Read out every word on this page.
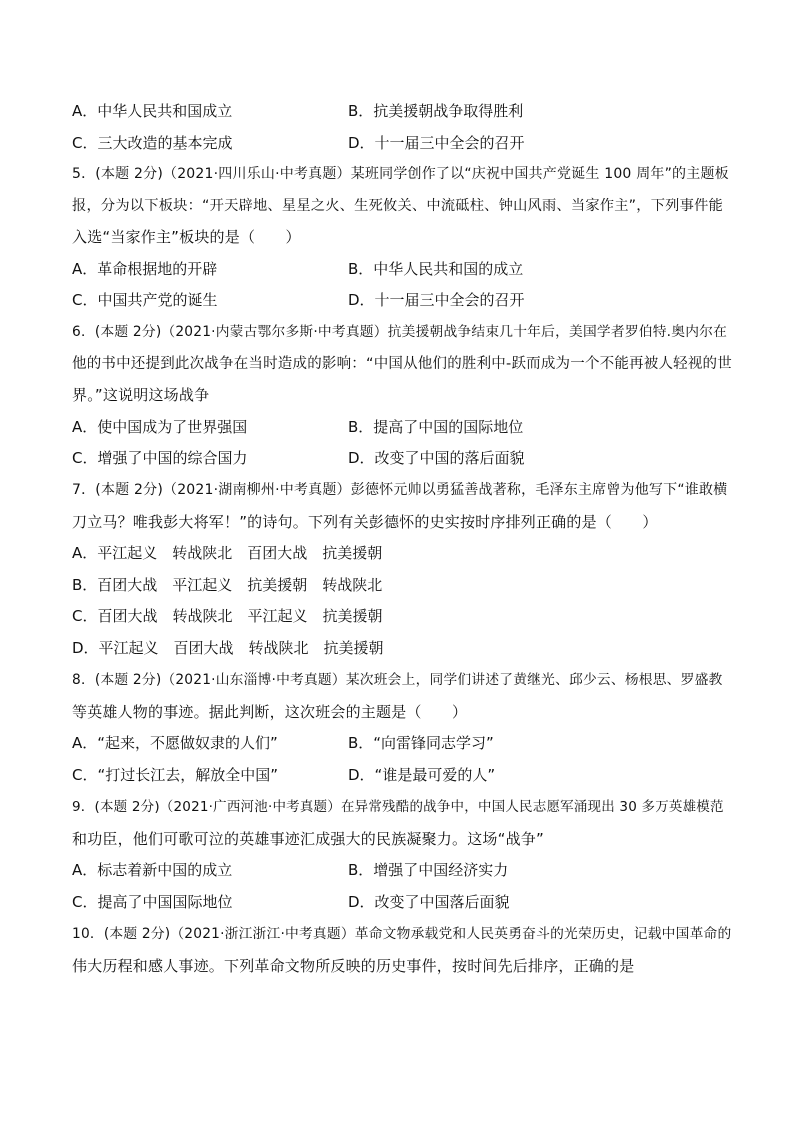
A．中华人民共和国成立	B．抗美援朝战争取得胜利
C．三大改造的基本完成	D．十一届三中全会的召开
5．(本题 2分)（2021·四川乐山·中考真题）某班同学创作了以“庆祝中国共产党诞生 100 周年”的主题板
报，分为以下板块：“开天辟地、星星之火、生死攸关、中流砥柱、钟山风雨、当家作主”，下列事件能
入选“当家作主”板块的是（　　）
A．革命根据地的开辟	B．中华人民共和国的成立
C．中国共产党的诞生	D．十一届三中全会的召开
6．(本题 2分)（2021·内蒙古鄂尔多斯·中考真题）抗美援朝战争结束几十年后，美国学者罗伯特.奥内尔在
他的书中还提到此次战争在当时造成的影响：“中国从他们的胜利中-跃而成为一个不能再被人轻视的世
界。”这说明这场战争
A．使中国成为了世界强国	B．提高了中国的国际地位
C．增强了中国的综合国力	D．改变了中国的落后面貌
7．(本题 2分)（2021·湖南柳州·中考真题）彭德怀元帅以勇猛善战著称，毛泽东主席曾为他写下“谁敢横
刀立马？唯我彭大将军！”的诗句。下列有关彭德怀的史实按时序排列正确的是（　　）
A．平江起义　转战陕北　百团大战　抗美援朝
B．百团大战　平江起义　抗美援朝　转战陕北
C．百团大战　转战陕北　平江起义　抗美援朝
D．平江起义　百团大战　转战陕北　抗美援朝
8．(本题 2分)（2021·山东淄博·中考真题）某次班会上，同学们讲述了黄继光、邱少云、杨根思、罗盛教
等英雄人物的事迹。据此判断，这次班会的主题是（　　）
A．“起来，不愿做奴隶的人们”	B．“向雷锋同志学习”
C．“打过长江去，解放全中国”	D．“谁是最可爱的人”
9．(本题 2分)（2021·广西河池·中考真题）在异常残酷的战争中，中国人民志愿军涌现出 30 多万英雄模范
和功臣，他们可歌可泣的英雄事迹汇成强大的民族凝聚力。这场“战争”
A．标志着新中国的成立	B．增强了中国经济实力
C．提高了中国国际地位	D．改变了中国落后面貌
10．(本题 2分)（2021·浙江浙江·中考真题）革命文物承载党和人民英勇奋斗的光荣历史，记载中国革命的
伟大历程和感人事迹。下列革命文物所反映的历史事件，按时间先后排序，正确的是
